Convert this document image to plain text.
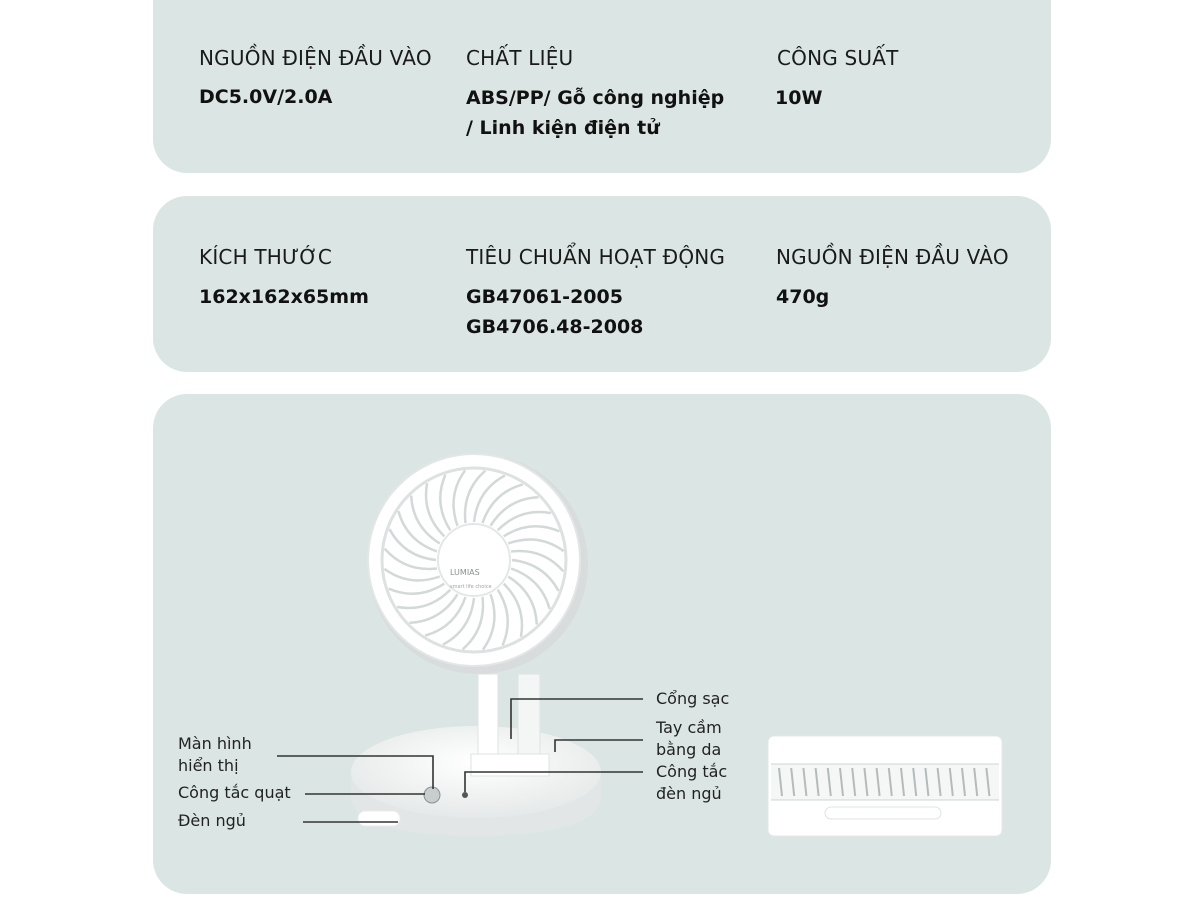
NGUỒN ĐIỆN ĐẦU VÀO
DC5.0V/2.0A
CHẤT LIỆU
ABS/PP/ Gỗ công nghiệp
/ Linh kiện điện tử
CÔNG SUẤT
10W
KÍCH THƯỚC
162x162x65mm
TIÊU CHUẨN HOẠT ĐỘNG
GB47061-2005
GB4706.48-2008
NGUỒN ĐIỆN ĐẦU VÀO
470g
LUMIAS
smart life choice
Màn hình
hiển thị
Công tắc quạt
Đèn ngủ
Cổng sạc
Tay cầm
bằng da
Công tắc
đèn ngủ
